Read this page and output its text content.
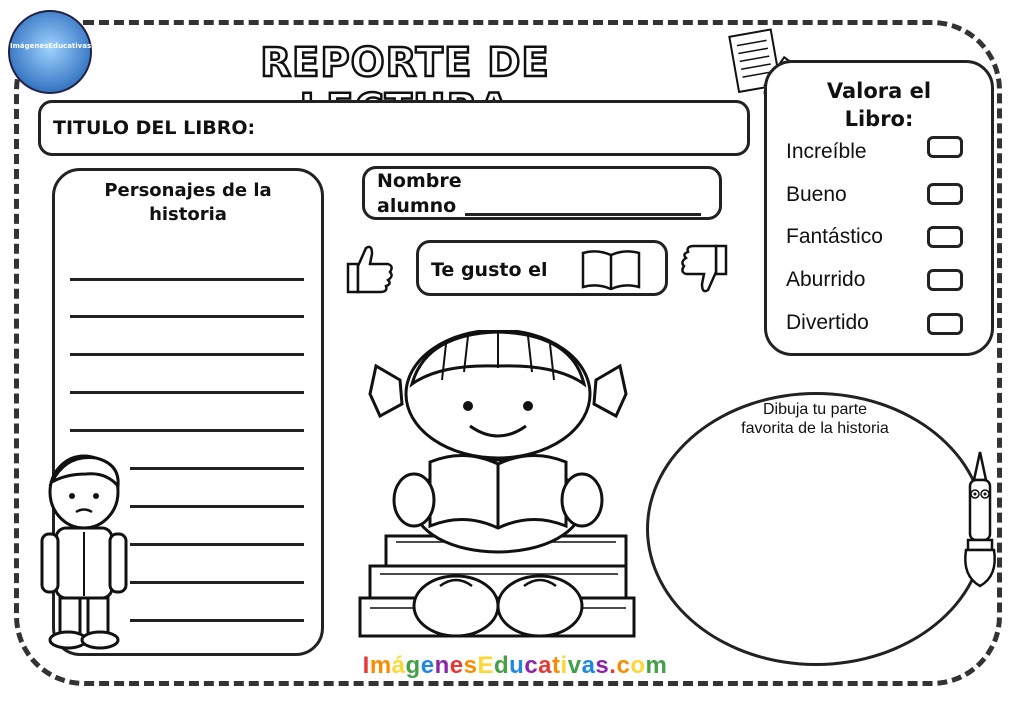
ImágenesEducativas.com	REPORTE DE
TITULO DEL LIBRO:
Personajes de la
historia
Nombre
alumno
Te gusto el
Valora el
Libro:
Increíble
Bueno
Fantástico
Aburrido
Divertido
Dibuja tu parte
favorita de la historia
ImágenesEducativas.com
